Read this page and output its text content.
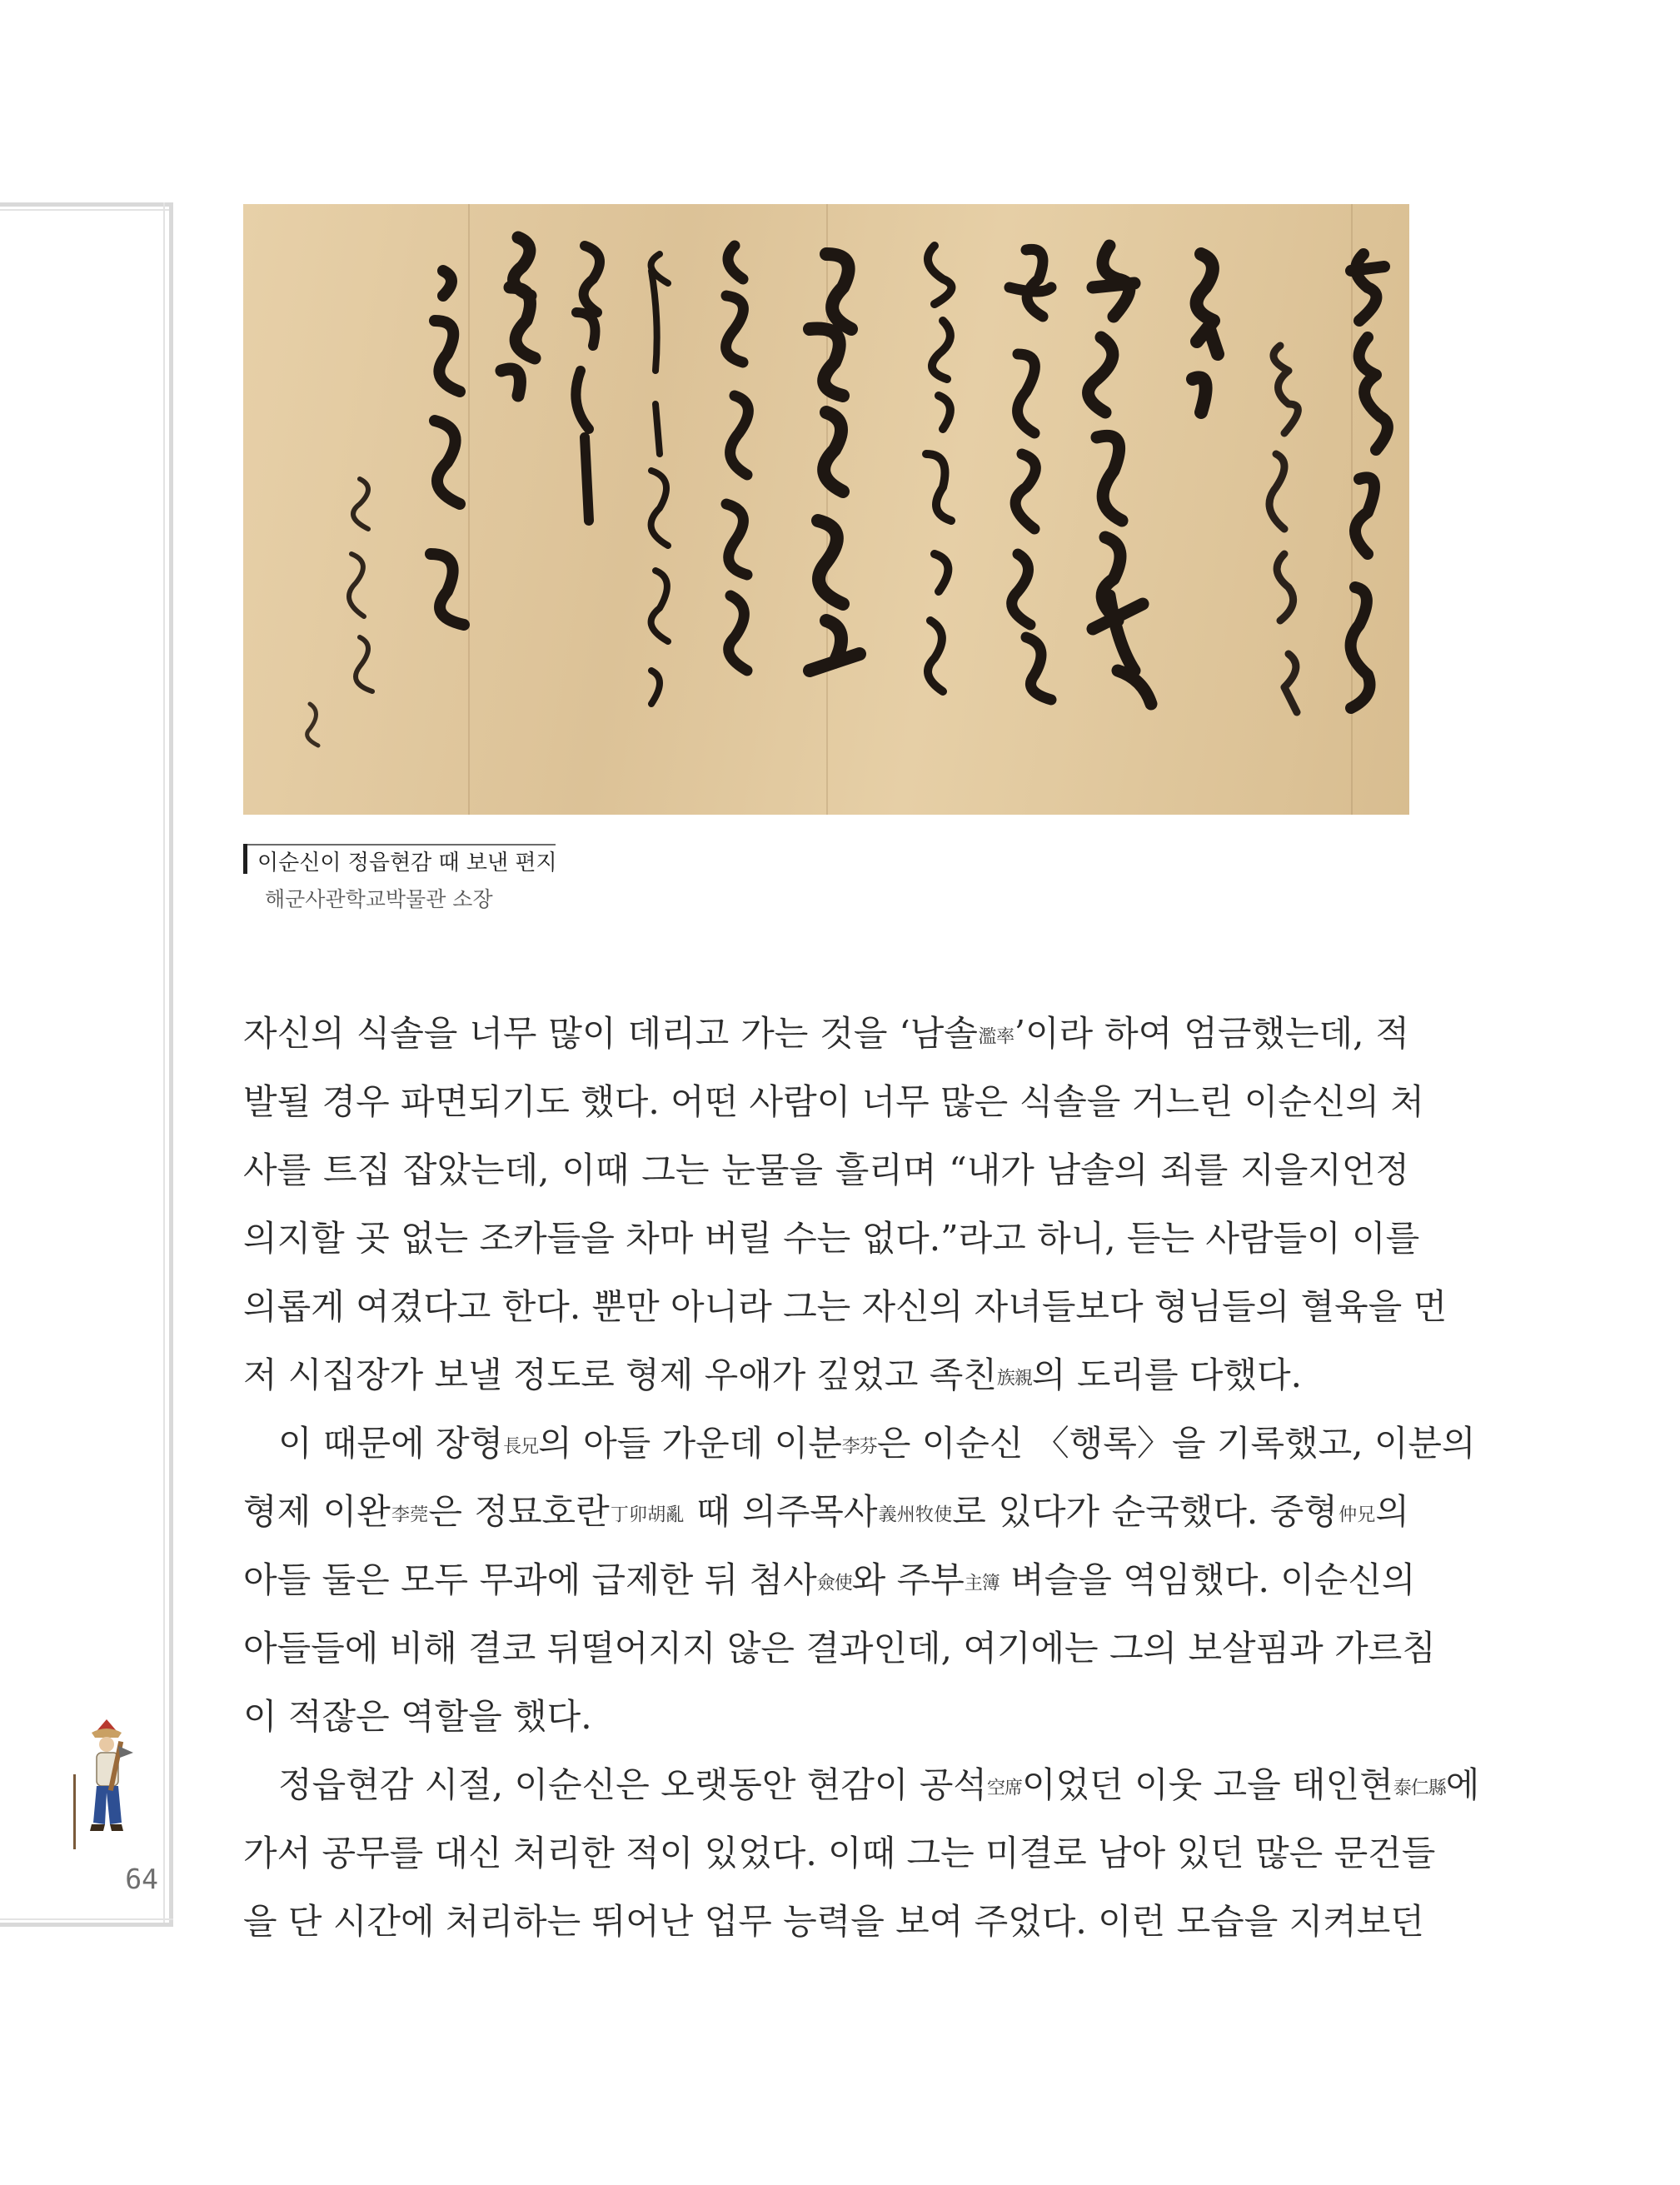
64
이순신이 정읍현감 때 보낸 편지
해군사관학교박물관 소장
자신의 식솔을 너무 많이 데리고 가는 것을 ‘남솔濫率’이라 하여 엄금했는데, 적
발될 경우 파면되기도 했다. 어떤 사람이 너무 많은 식솔을 거느린 이순신의 처
사를 트집 잡았는데, 이때 그는 눈물을 흘리며 “내가 남솔의 죄를 지을지언정
의지할 곳 없는 조카들을 차마 버릴 수는 없다.”라고 하니, 듣는 사람들이 이를
의롭게 여겼다고 한다. 뿐만 아니라 그는 자신의 자녀들보다 형님들의 혈육을 먼
저 시집장가 보낼 정도로 형제 우애가 깊었고 족친族親의 도리를 다했다.
이 때문에 장형長兄의 아들 가운데 이분李芬은 이순신 〈행록〉을 기록했고, 이분의
형제 이완李莞은 정묘호란丁卯胡亂 때 의주목사義州牧使로 있다가 순국했다. 중형仲兄의
아들 둘은 모두 무과에 급제한 뒤 첨사僉使와 주부主簿 벼슬을 역임했다. 이순신의
아들들에 비해 결코 뒤떨어지지 않은 결과인데, 여기에는 그의 보살핌과 가르침
이 적잖은 역할을 했다.
정읍현감 시절, 이순신은 오랫동안 현감이 공석空席이었던 이웃 고을 태인현泰仁縣에
가서 공무를 대신 처리한 적이 있었다. 이때 그는 미결로 남아 있던 많은 문건들
을 단 시간에 처리하는 뛰어난 업무 능력을 보여 주었다. 이런 모습을 지켜보던
